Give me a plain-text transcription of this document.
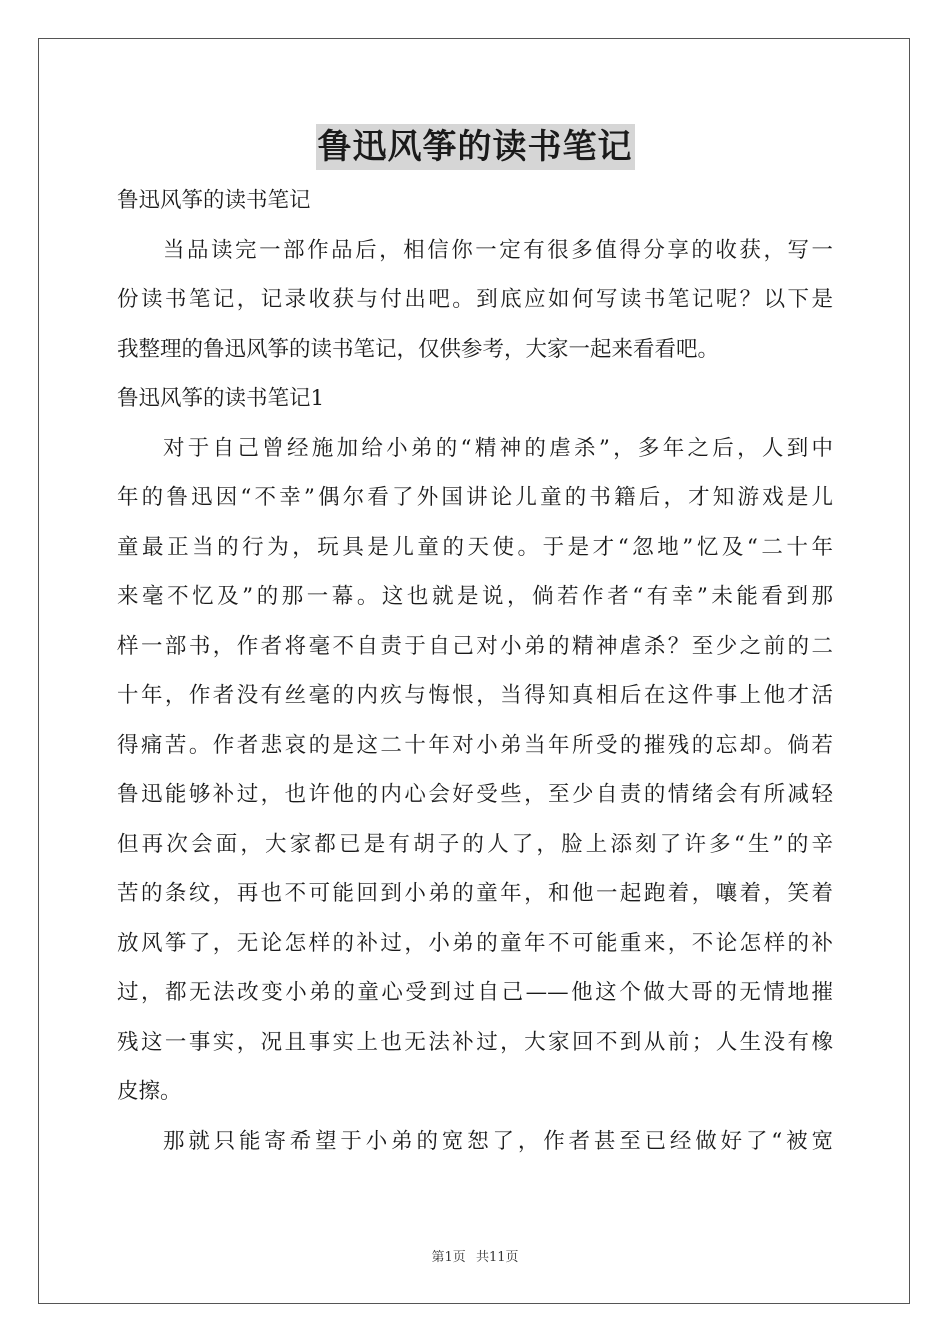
鲁迅风筝的读书笔记
鲁迅风筝的读书笔记
当品读完一部作品后，相信你一定有很多值得分享的收获，写一
份读书笔记，记录收获与付出吧。到底应如何写读书笔记呢？以下是
我整理的鲁迅风筝的读书笔记，仅供参考，大家一起来看看吧。
鲁迅风筝的读书笔记1
对于自己曾经施加给小弟的“精神的虐杀”，多年之后，人到中
年的鲁迅因“不幸”偶尔看了外国讲论儿童的书籍后，才知游戏是儿
童最正当的行为，玩具是儿童的天使。于是才“忽地”忆及“二十年
来毫不忆及”的那一幕。这也就是说，倘若作者“有幸”未能看到那
样一部书，作者将毫不自责于自己对小弟的精神虐杀？至少之前的二
十年，作者没有丝毫的内疚与悔恨，当得知真相后在这件事上他才活
得痛苦。作者悲哀的是这二十年对小弟当年所受的摧残的忘却。倘若
鲁迅能够补过，也许他的内心会好受些，至少自责的情绪会有所减轻
但再次会面，大家都已是有胡子的人了，脸上添刻了许多“生”的辛
苦的条纹，再也不可能回到小弟的童年，和他一起跑着，嚷着，笑着
放风筝了，无论怎样的补过，小弟的童年不可能重来，不论怎样的补
过，都无法改变小弟的童心受到过自己——他这个做大哥的无情地摧
残这一事实，况且事实上也无法补过，大家回不到从前；人生没有橡
皮擦。
那就只能寄希望于小弟的宽恕了，作者甚至已经做好了“被宽
第1页 共11页
